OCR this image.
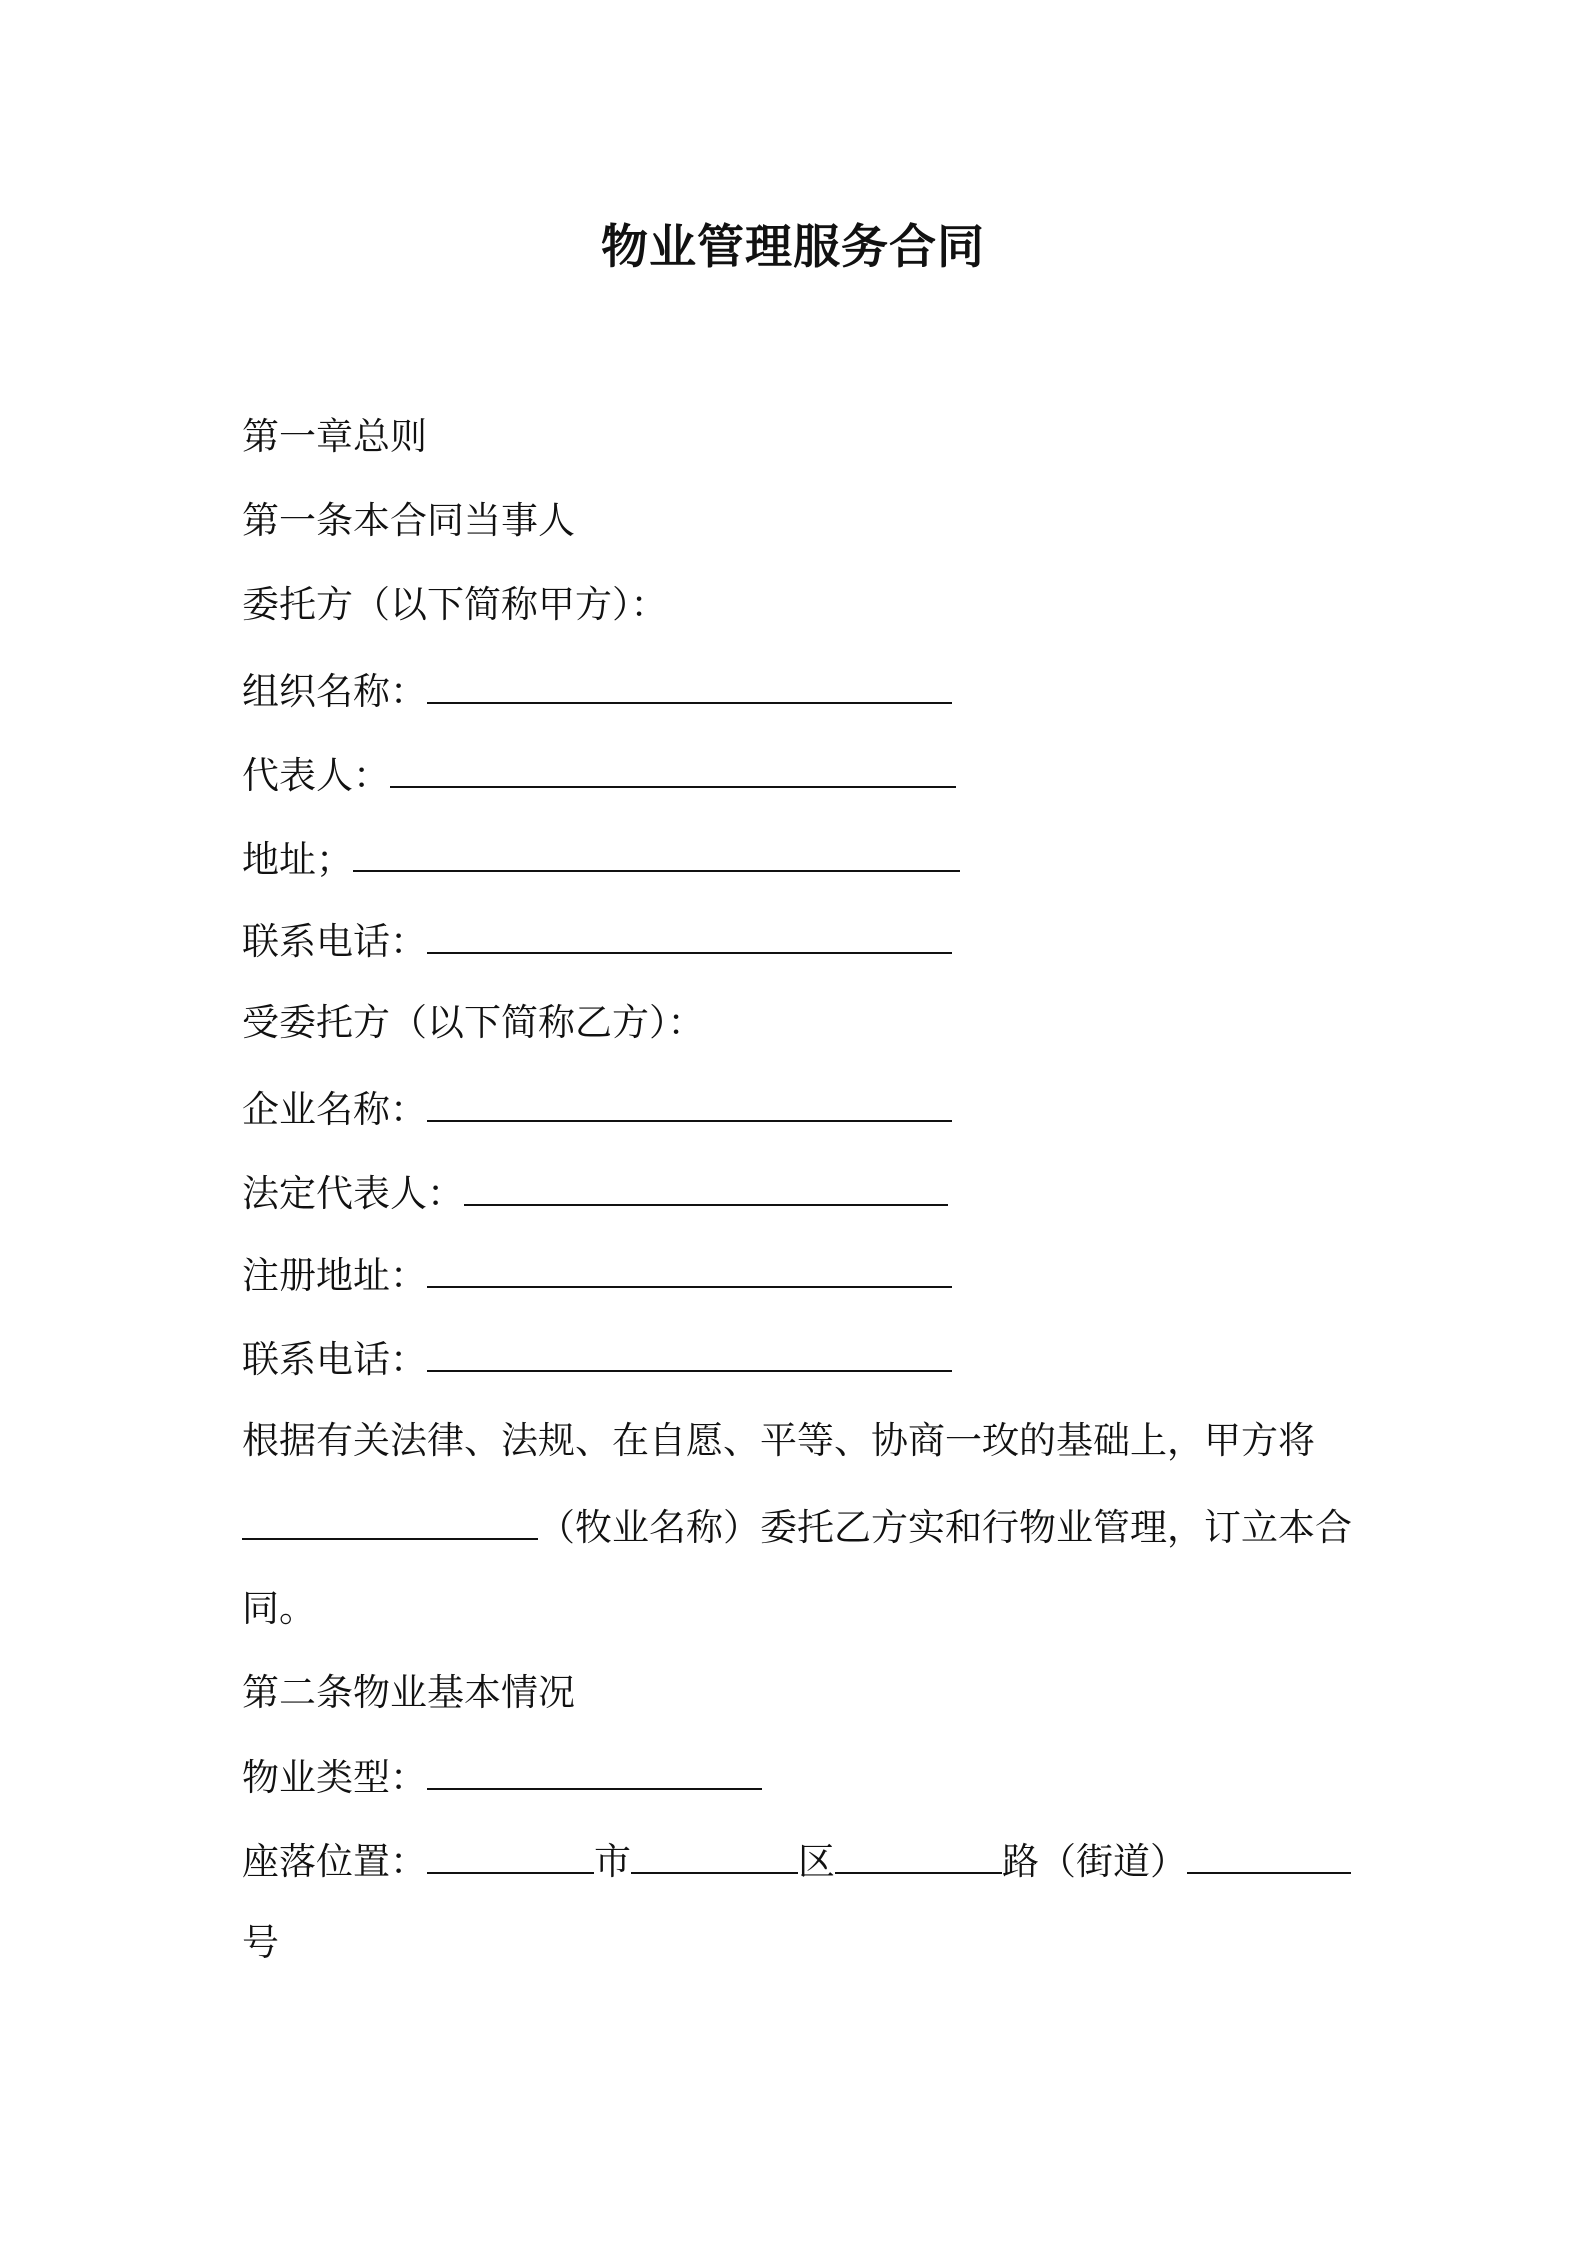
物业管理服务合同
第一章总则
第一条本合同当事人
委托方（以下简称甲方）：
组织名称：
代表人：
地址；
联系电话：
受委托方（以下简称乙方）：
企业名称：
法定代表人：
注册地址：
联系电话：
根据有关法律、法规、在自愿、平等、协商一玫的基础上，甲方将
（牧业名称）委托乙方实和行物业管理，订立本合
同。
第二条物业基本情况
物业类型：
座落位置：	市	区	路（街道）
号
